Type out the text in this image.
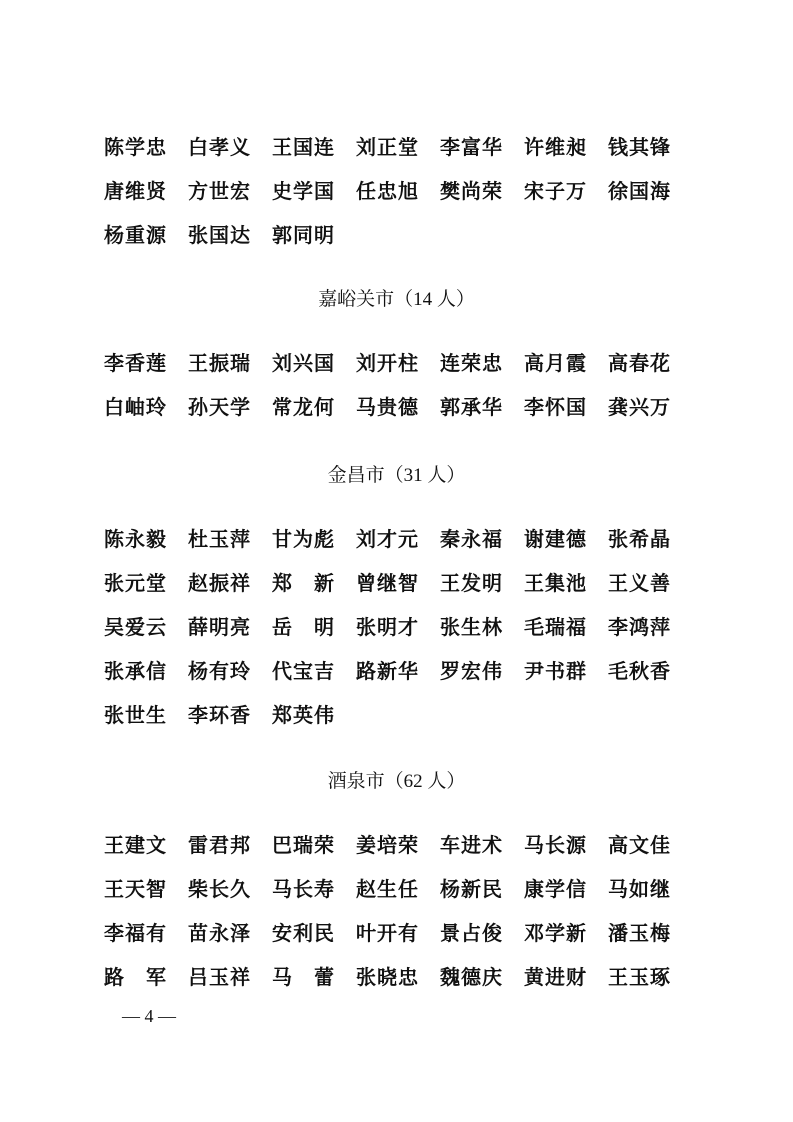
陈学忠 白孝义 王国连 刘正堂 李富华 许维昶 钱其锋
唐维贤 方世宏 史学国 任忠旭 樊尚荣 宋子万 徐国海
杨重源 张国达 郭同明
嘉峪关市（14 人）
李香莲 王振瑞 刘兴国 刘开柱 连荣忠 高月霞 高春花
白岫玲 孙天学 常龙何 马贵德 郭承华 李怀国 龚兴万
金昌市（31 人）
陈永毅 杜玉萍 甘为彪 刘才元 秦永福 谢建德 张希晶
张元堂 赵振祥 郑　新 曾继智 王发明 王集池 王义善
吴爱云 薛明亮 岳　明 张明才 张生林 毛瑞福 李鸿萍
张承信 杨有玲 代宝吉 路新华 罗宏伟 尹书群 毛秋香
张世生 李环香 郑英伟
酒泉市（62 人）
王建文 雷君邦 巴瑞荣 姜培荣 车进术 马长源 高文佳
王天智 柴长久 马长寿 赵生任 杨新民 康学信 马如继
李福有 苗永泽 安利民 叶开有 景占俊 邓学新 潘玉梅
路　军 吕玉祥 马　蕾 张晓忠 魏德庆 黄进财 王玉琢
— 4 —
